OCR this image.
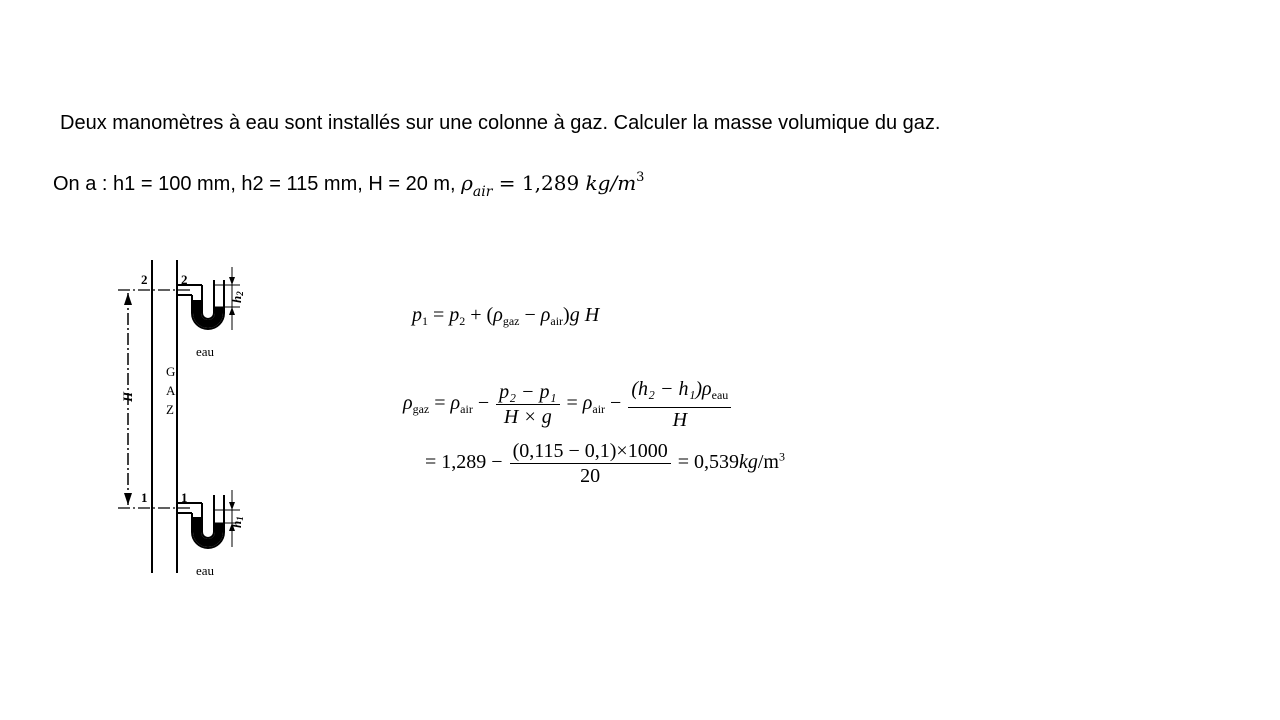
Deux manomètres à eau sont installés sur une colonne à gaz. Calculer la masse volumique du gaz.
On a : h1 = 100 mm, h2 = 115 mm, H = 20 m, $\rho_{air} = 1,289$ $kg/m^3$
2	2
1	1
H
h2
h1
G
A
Z
eau
eau
$p_1 = p_2 + (\rho_{gaz} - \rho_{air})g$ H
$\rho_{gaz} = \rho_{air} - \frac{\text{p₂ − p₁}}{H \times g} = \rho_{air} - \frac{(h_2 - h_1)\rho_{eau}}{H}$
= $1,289 - \frac{(0,115 - 0,1)\times 1000}{20} = 0,539kg/m^3$
